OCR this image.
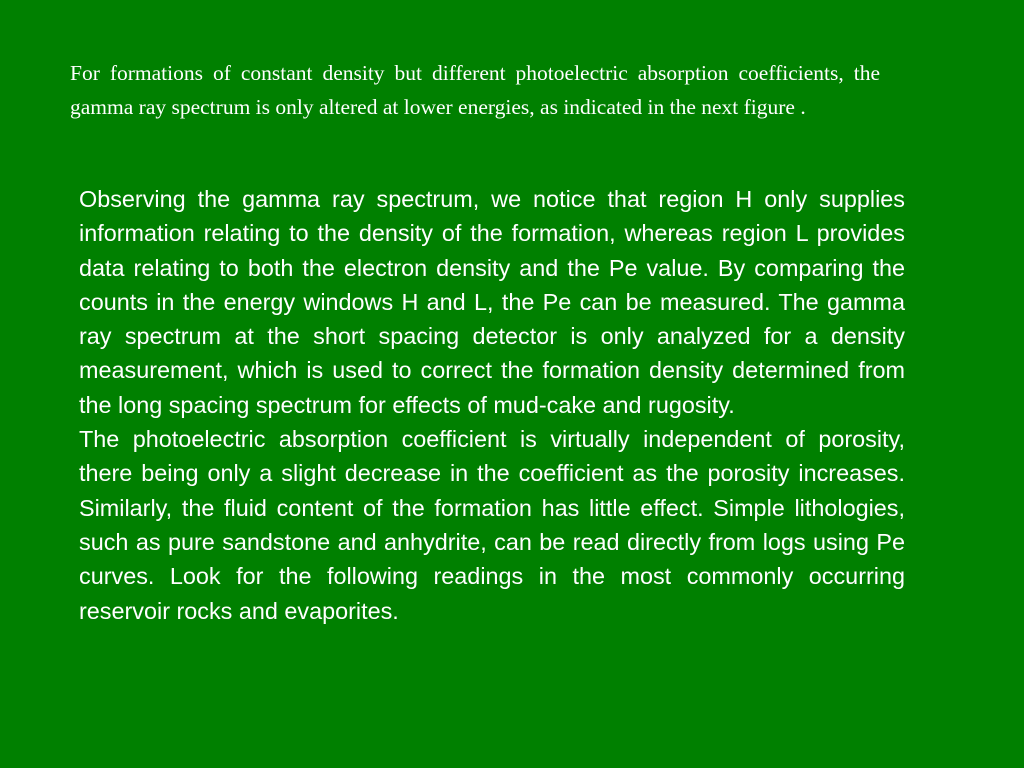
For formations of constant density but different photoelectric absorption coefficients, the gamma ray spectrum is only altered at lower energies, as indicated in the next figure .

Observing the gamma ray spectrum, we notice that region H only supplies information relating to the density of the formation, whereas region L provides data relating to both the electron density and the Pe value. By comparing the counts in the energy windows H and L, the Pe can be measured. The gamma ray spectrum at the short spacing detector is only analyzed for a density measurement, which is used to correct the formation density determined from the long spacing spectrum for effects of mud-cake and rugosity.

The photoelectric absorption coefficient is virtually independent of porosity, there being only a slight decrease in the coefficient as the porosity increases. Similarly, the fluid content of the formation has little effect. Simple lithologies, such as pure sandstone and anhydrite, can be read directly from logs using Pe curves. Look for the following readings in the most commonly occurring reservoir rocks and evaporites.
